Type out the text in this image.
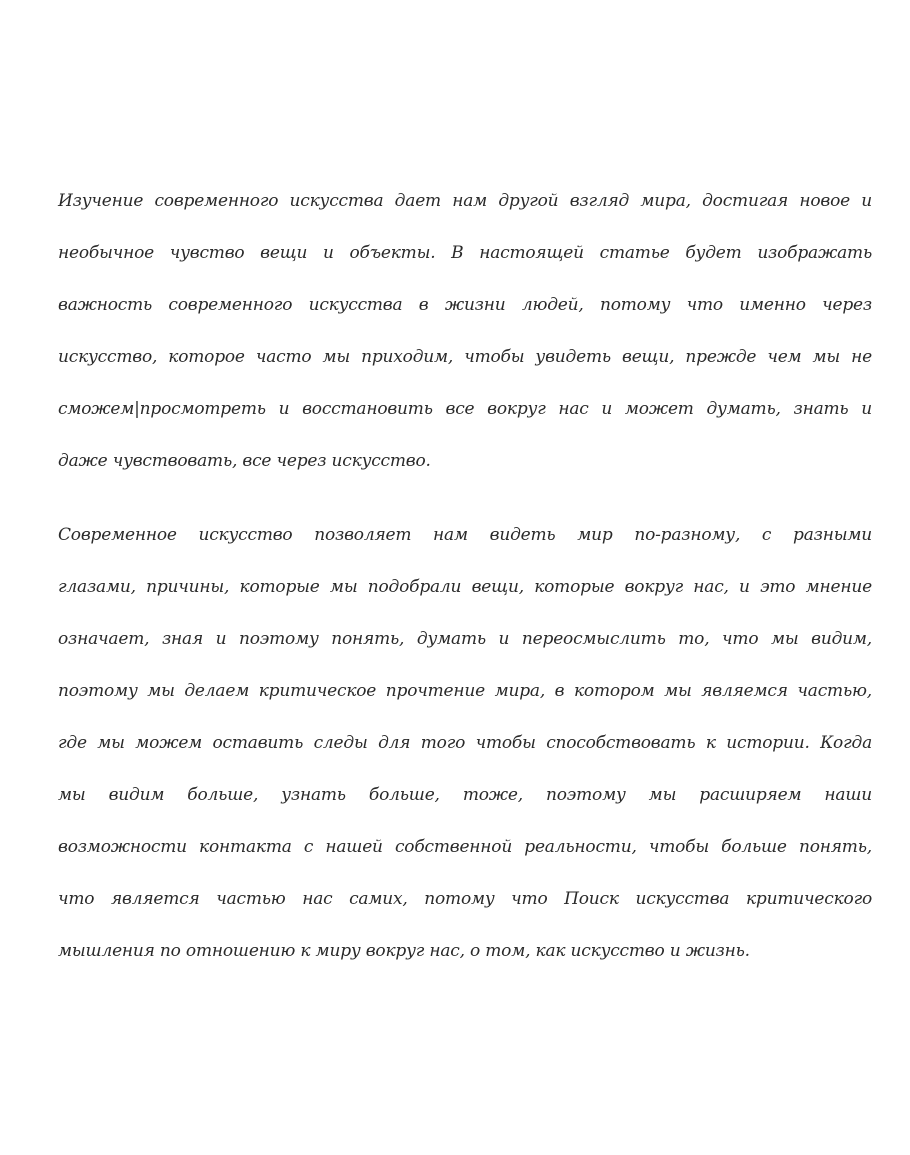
Изучение современного искусства дает нам другой взгляд мира, достигая новое и
необычное чувство вещи и объекты. В настоящей статье будет изображать
важность современного искусства в жизни людей, потому что именно через
искусство, которое часто мы приходим, чтобы увидеть вещи, прежде чем мы не
сможем|просмотреть и восстановить все вокруг нас и может думать, знать и
даже чувствовать, все через искусство.
Современное искусство позволяет нам видеть мир по-разному, с разными
глазами, причины, которые мы подобрали вещи, которые вокруг нас, и это мнение
означает, зная и поэтому понять, думать и переосмыслить то, что мы видим,
поэтому мы делаем критическое прочтение мира, в котором мы являемся частью,
где мы можем оставить следы для того чтобы способствовать к истории. Когда
мы видим больше, узнать больше, тоже, поэтому мы расширяем наши
возможности контакта с нашей собственной реальности, чтобы больше понять,
что является частью нас самих, потому что Поиск искусства критического
мышления по отношению к миру вокруг нас, о том, как искусство и жизнь.
